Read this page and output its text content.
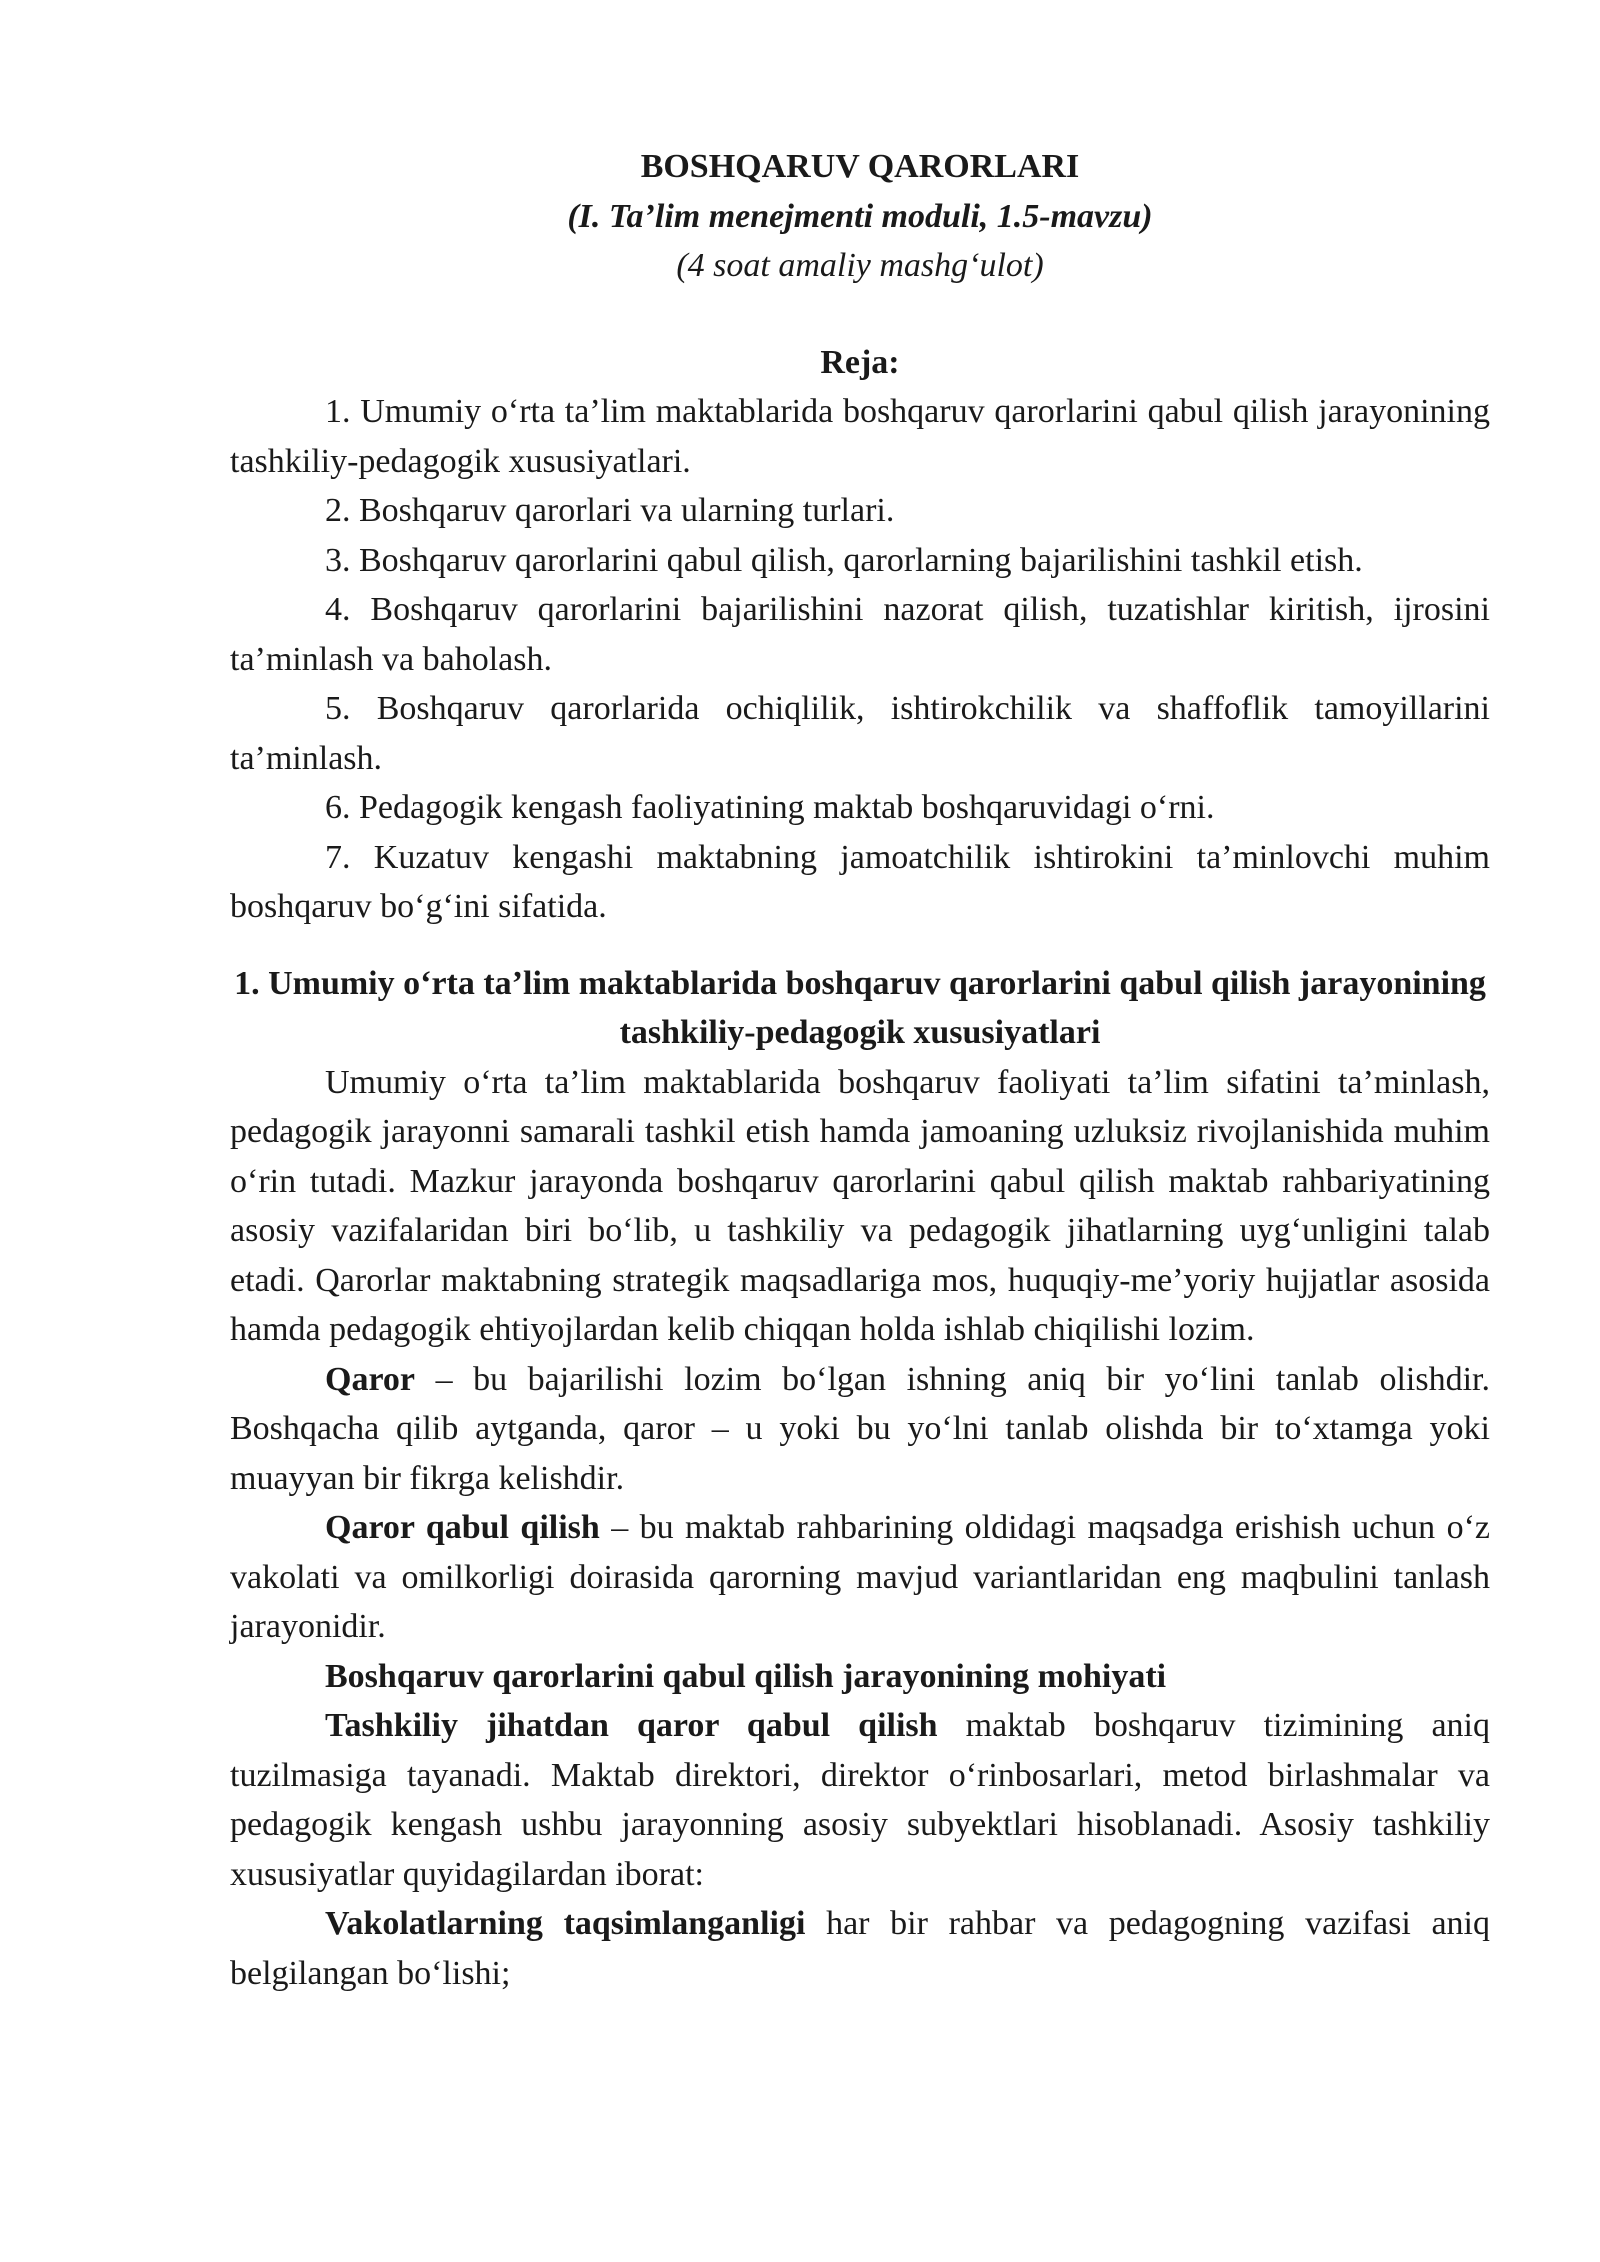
BOSHQARUV QARORLARI

(I. Ta’lim menejmenti moduli, 1.5-mavzu)

(4 soat amaliy mashg‘ulot)

Reja:

1. Umumiy o‘rta ta’lim maktablarida boshqaruv qarorlarini qabul qilish jarayonining tashkiliy-pedagogik xususiyatlari.

2. Boshqaruv qarorlari va ularning turlari.

3. Boshqaruv qarorlarini qabul qilish, qarorlarning bajarilishini tashkil etish.

4. Boshqaruv qarorlarini bajarilishini nazorat qilish, tuzatishlar kiritish, ijrosini ta’minlash va baholash.

5. Boshqaruv qarorlarida ochiqlilik, ishtirokchilik va shaffoflik tamoyillarini ta’minlash.

6. Pedagogik kengash faoliyatining maktab boshqaruvidagi o‘rni.

7. Kuzatuv kengashi maktabning jamoatchilik ishtirokini ta’minlovchi muhim boshqaruv bo‘g‘ini sifatida.

1. Umumiy o‘rta ta’lim maktablarida boshqaruv qarorlarini qabul qilish jarayonining tashkiliy-pedagogik xususiyatlari

Umumiy o‘rta ta’lim maktablarida boshqaruv faoliyati ta’lim sifatini ta’minlash, pedagogik jarayonni samarali tashkil etish hamda jamoaning uzluksiz rivojlanishida muhim o‘rin tutadi. Mazkur jarayonda boshqaruv qarorlarini qabul qilish maktab rahbariyatining asosiy vazifalaridan biri bo‘lib, u tashkiliy va pedagogik jihatlarning uyg‘unligini talab etadi. Qarorlar maktabning strategik maqsadlariga mos, huquqiy-me’yoriy hujjatlar asosida hamda pedagogik ehtiyojlardan kelib chiqqan holda ishlab chiqilishi lozim.

Qaror – bu bajarilishi lozim bo‘lgan ishning aniq bir yo‘lini tanlab olishdir. Boshqacha qilib aytganda, qaror – u yoki bu yo‘lni tanlab olishda bir to‘xtamga yoki muayyan bir fikrga kelishdir.

Qaror qabul qilish – bu maktab rahbarining oldidagi maqsadga erishish uchun o‘z vakolati va omilkorligi doirasida qarorning mavjud variantlaridan eng maqbulini tanlash jarayonidir.

Boshqaruv qarorlarini qabul qilish jarayonining mohiyati

Tashkiliy jihatdan qaror qabul qilish maktab boshqaruv tizimining aniq tuzilmasiga tayanadi. Maktab direktori, direktor o‘rinbosarlari, metod birlashmalar va pedagogik kengash ushbu jarayonning asosiy subyektlari hisoblanadi. Asosiy tashkiliy xususiyatlar quyidagilardan iborat:

Vakolatlarning taqsimlanganligi har bir rahbar va pedagogning vazifasi aniq belgilangan bo‘lishi;
